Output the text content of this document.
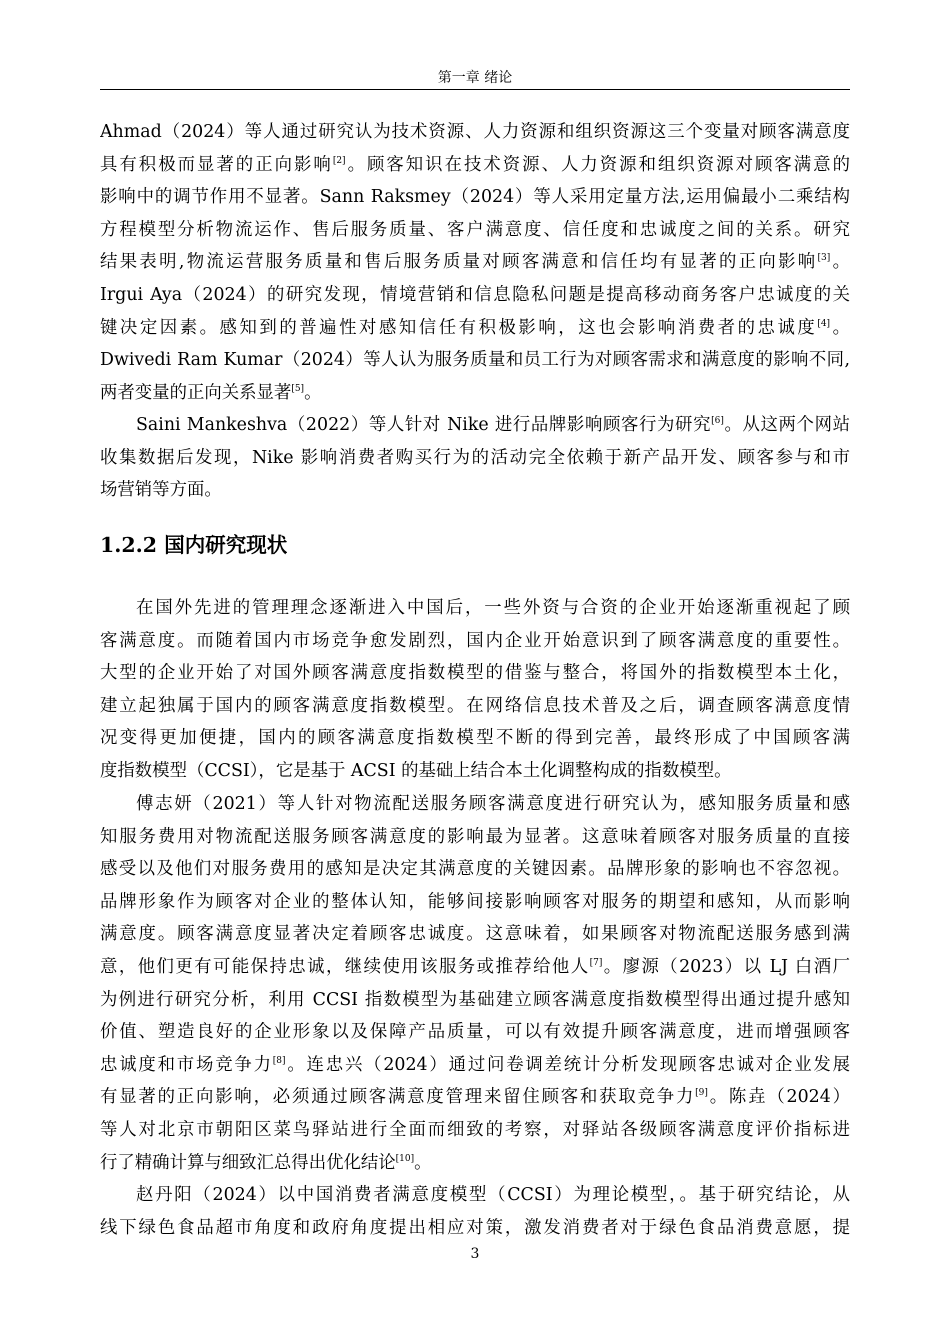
第一章 绪论
Ahmad（2024）等人通过研究认为技术资源、人力资源和组织资源这三个变量对顾客满意度
具有积极而显著的正向影响[2]。顾客知识在技术资源、人力资源和组织资源对顾客满意的
影响中的调节作用不显著。Sann Raksmey（2024）等人采用定量方法,运用偏最小二乘结构
方程模型分析物流运作、售后服务质量、客户满意度、信任度和忠诚度之间的关系。研究
结果表明,物流运营服务质量和售后服务质量对顾客满意和信任均有显著的正向影响[3]。
Irgui Aya（2024）的研究发现，情境营销和信息隐私问题是提高移动商务客户忠诚度的关
键决定因素。感知到的普遍性对感知信任有积极影响，这也会影响消费者的忠诚度[4]。
Dwivedi Ram Kumar（2024）等人认为服务质量和员工行为对顾客需求和满意度的影响不同,
两者变量的正向关系显著[5]。
Saini Mankeshva（2022）等人针对 Nike 进行品牌影响顾客行为研究[6]。从这两个网站
收集数据后发现，Nike 影响消费者购买行为的活动完全依赖于新产品开发、顾客参与和市
场营销等方面。
1.2.2 国内研究现状
在国外先进的管理理念逐渐进入中国后，一些外资与合资的企业开始逐渐重视起了顾
客满意度。而随着国内市场竞争愈发剧烈，国内企业开始意识到了顾客满意度的重要性。
大型的企业开始了对国外顾客满意度指数模型的借鉴与整合，将国外的指数模型本土化，
建立起独属于国内的顾客满意度指数模型。在网络信息技术普及之后，调查顾客满意度情
况变得更加便捷，国内的顾客满意度指数模型不断的得到完善，最终形成了中国顾客满
度指数模型（CCSI），它是基于 ACSI 的基础上结合本土化调整构成的指数模型。
傅志妍（2021）等人针对物流配送服务顾客满意度进行研究认为，感知服务质量和感
知服务费用对物流配送服务顾客满意度的影响最为显著。这意味着顾客对服务质量的直接
感受以及他们对服务费用的感知是决定其满意度的关键因素。品牌形象的影响也不容忽视。
品牌形象作为顾客对企业的整体认知，能够间接影响顾客对服务的期望和感知，从而影响
满意度。顾客满意度显著决定着顾客忠诚度。这意味着，如果顾客对物流配送服务感到满
意，他们更有可能保持忠诚，继续使用该服务或推荐给他人[7]。廖源（2023）以 LJ 白酒厂
为例进行研究分析，利用 CCSI 指数模型为基础建立顾客满意度指数模型得出通过提升感知
价值、塑造良好的企业形象以及保障产品质量，可以有效提升顾客满意度，进而增强顾客
忠诚度和市场竞争力[8]。连忠兴（2024）通过问卷调差统计分析发现顾客忠诚对企业发展
有显著的正向影响，必须通过顾客满意度管理来留住顾客和获取竞争力[9]。陈垚（2024）
等人对北京市朝阳区菜鸟驿站进行全面而细致的考察，对驿站各级顾客满意度评价指标进
行了精确计算与细致汇总得出优化结论[10]。
赵丹阳（2024）以中国消费者满意度模型（CCSI）为理论模型，。基于研究结论，从
线下绿色食品超市角度和政府角度提出相应对策，激发消费者对于绿色食品消费意愿，提
3
